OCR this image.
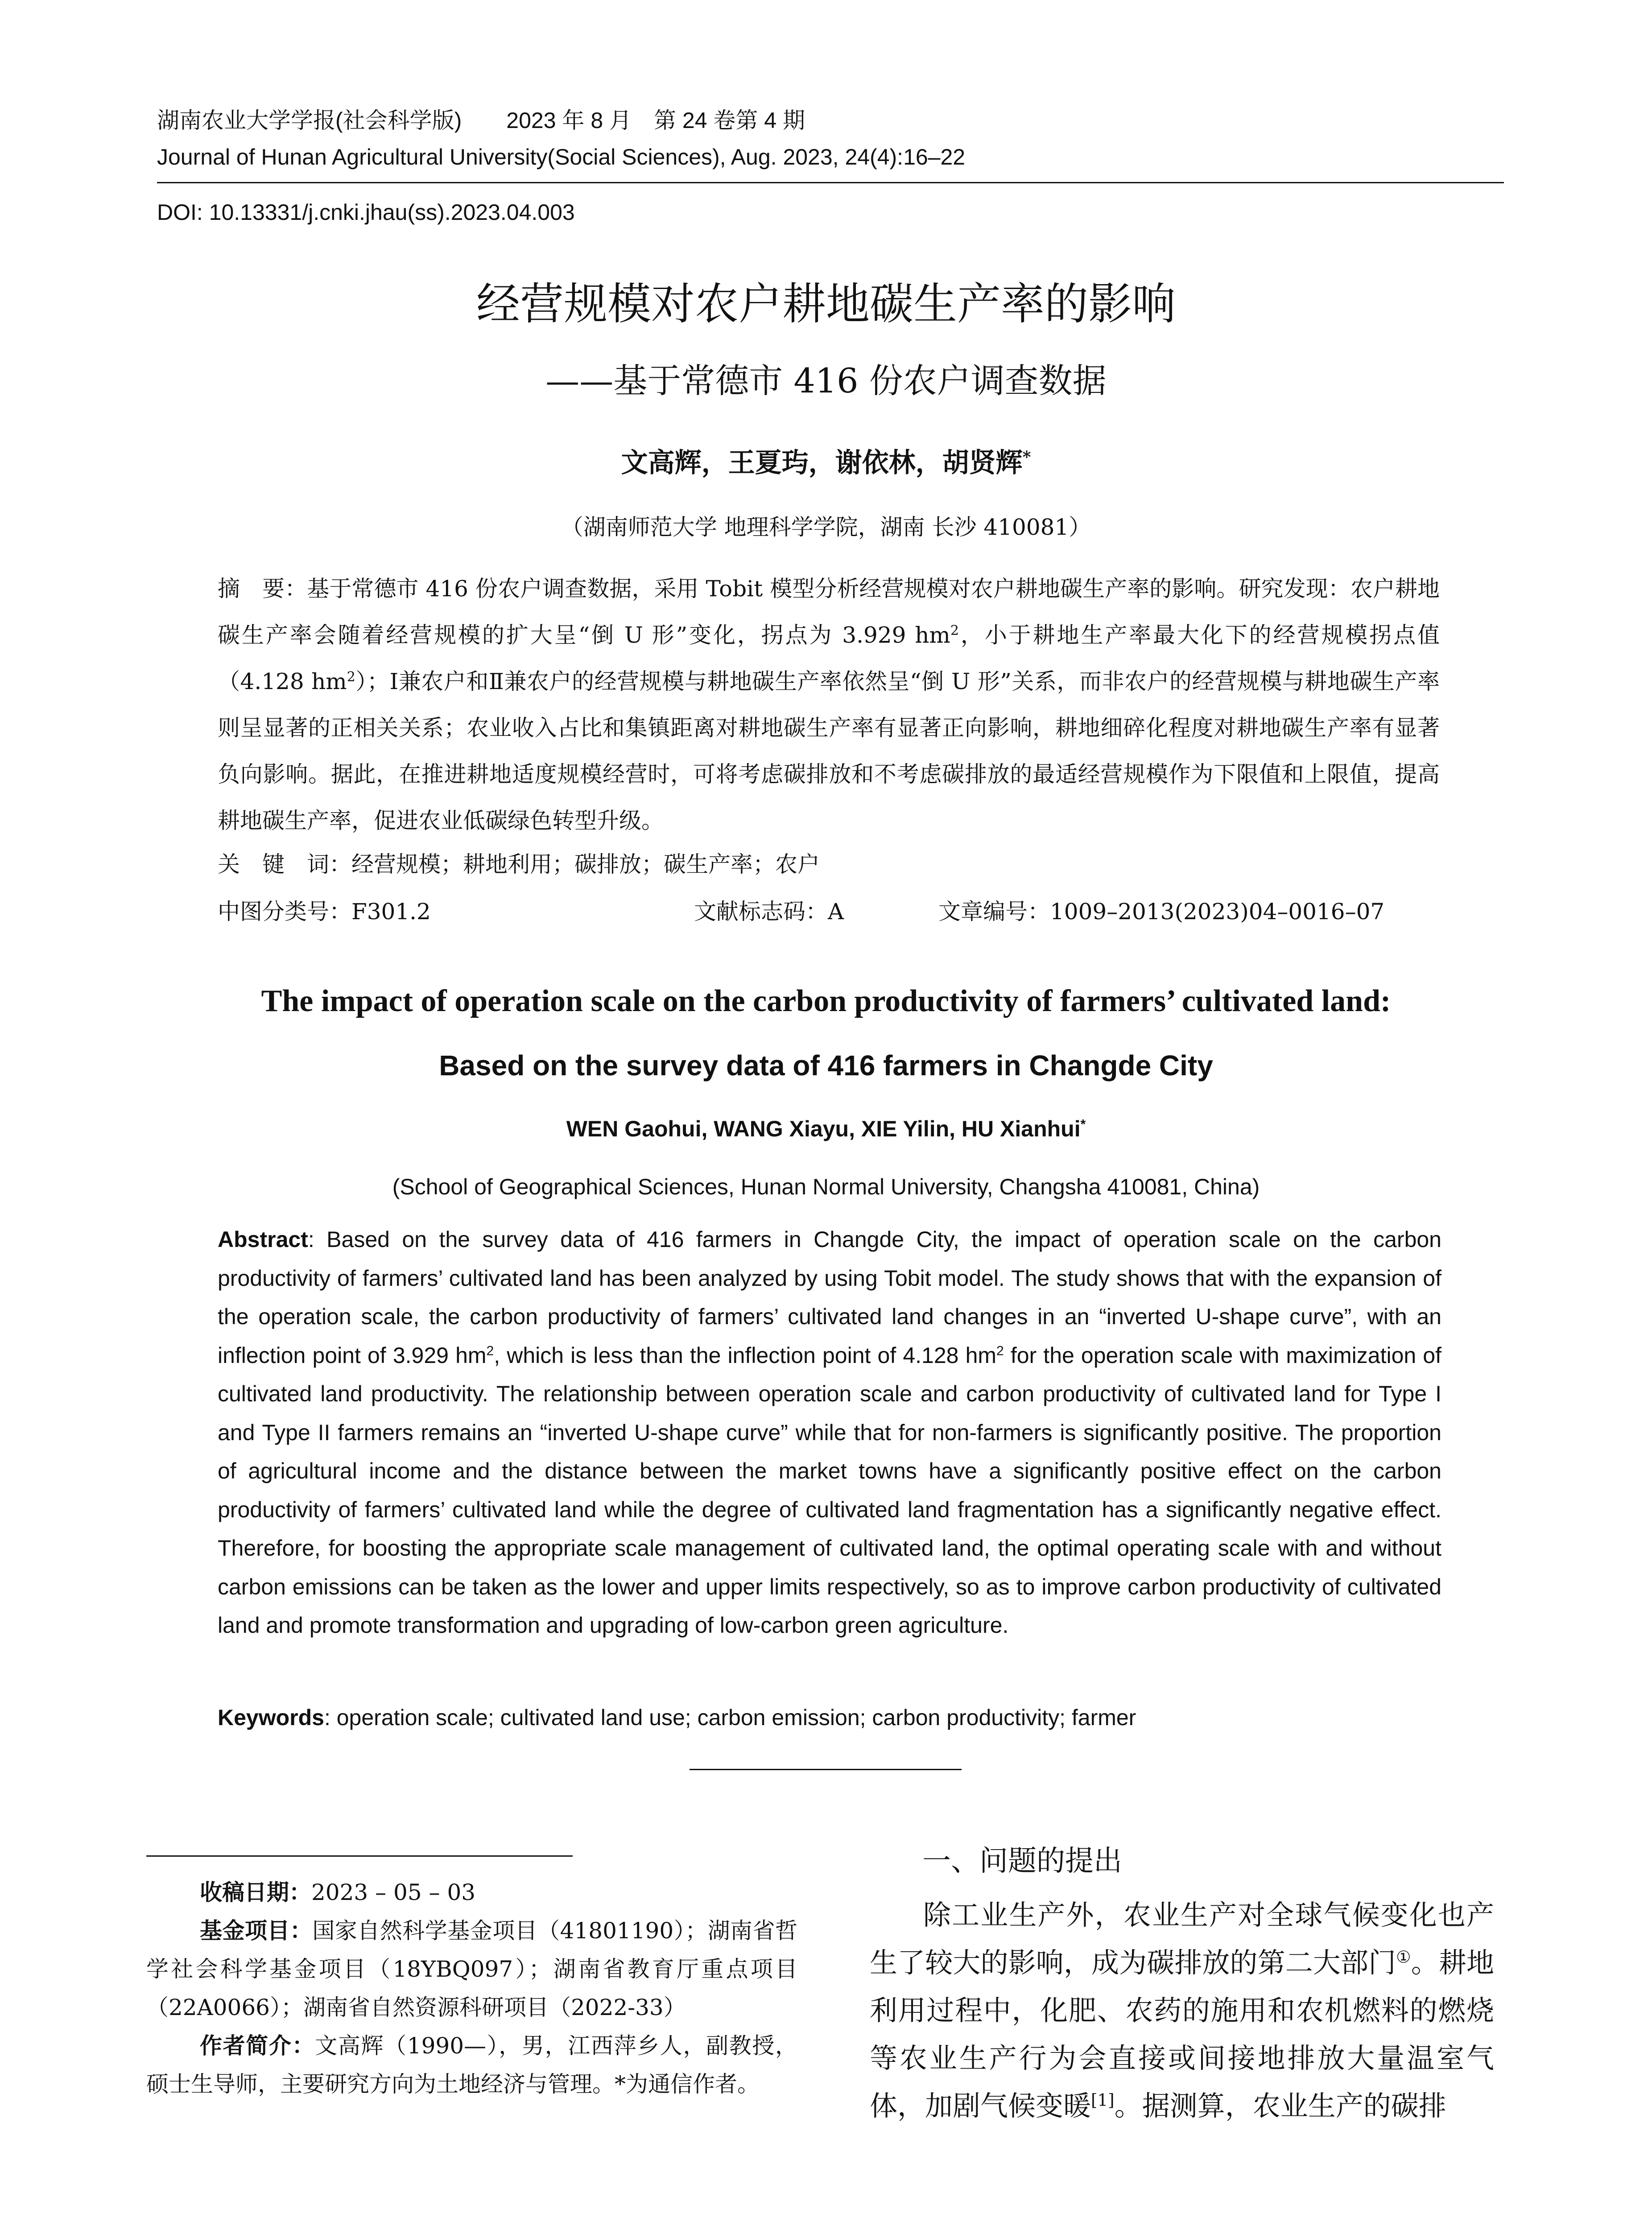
湖南农业大学学报(社会科学版)　　2023 年 8 月　第 24 卷第 4 期
Journal of Hunan Agricultural University(Social Sciences), Aug. 2023, 24(4):16–22
DOI: 10.13331/j.cnki.jhau(ss).2023.04.003
经营规模对农户耕地碳生产率的影响
——基于常德市 416 份农户调查数据
文高辉，王夏玙，谢依林，胡贤辉*
（湖南师范大学 地理科学学院，湖南 长沙 410081）
摘　要：基于常德市 416 份农户调查数据，采用 Tobit 模型分析经营规模对农户耕地碳生产率的影响。研究发现：农户耕地碳生产率会随着经营规模的扩大呈“倒 U 形”变化，拐点为 3.929 $hm^2$，小于耕地生产率最大化下的经营规模拐点值（4.128 $hm^2$）；Ⅰ兼农户和Ⅱ兼农户的经营规模与耕地碳生产率依然呈“倒 U 形”关系，而非农户的经营规模与耕地碳生产率则呈显著的正相关关系；农业收入占比和集镇距离对耕地碳生产率有显著正向影响，耕地细碎化程度对耕地碳生产率有显著负向影响。据此，在推进耕地适度规模经营时，可将考虑碳排放和不考虑碳排放的最适经营规模作为下限值和上限值，提高耕地碳生产率，促进农业低碳绿色转型升级。
关　键　词：经营规模；耕地利用；碳排放；碳生产率；农户
中图分类号：F301.2	文献标志码：A	文章编号：1009–2013(2023)04–0016–07
The impact of operation scale on the carbon productivity of farmers’ cultivated land:
Based on the survey data of 416 farmers in Changde City
WEN Gaohui, WANG Xiayu, XIE Yilin, HU Xianhui*
(School of Geographical Sciences, Hunan Normal University, Changsha 410081, China)
Abstract: Based on the survey data of 416 farmers in Changde City, the impact of operation scale on the carbon productivity of farmers’ cultivated land has been analyzed by using Tobit model. The study shows that with the expansion of the operation scale, the carbon productivity of farmers’ cultivated land changes in an “inverted U-shape curve”, with an inflection point of 3.929 $hm^2$, which is less than the inflection point of 4.128 $hm^2$ for the operation scale with maximization of cultivated land productivity. The relationship between operation scale and carbon productivity of cultivated land for Type I and Type II farmers remains an “inverted U-shape curve” while that for non-farmers is significantly positive. The proportion of agricultural income and the distance between the market towns have a significantly positive effect on the carbon productivity of farmers’ cultivated land while the degree of cultivated land fragmentation has a significantly negative effect. Therefore, for boosting the appropriate scale management of cultivated land, the optimal operating scale with and without carbon emissions can be taken as the lower and upper limits respectively, so as to improve carbon productivity of cultivated land and promote transformation and upgrading of low-carbon green agriculture.
Keywords: operation scale; cultivated land use; carbon emission; carbon productivity; farmer
收稿日期：2023 – 05 – 03
基金项目：国家自然科学基金项目（41801190）；湖南省哲学社会科学基金项目（18YBQ097）；湖南省教育厅重点项目（22A0066）；湖南省自然资源科研项目（2022-33）
作者简介：文高辉（1990—），男，江西萍乡人，副教授，硕士生导师，主要研究方向为土地经济与管理。*为通信作者。
一、问题的提出
除工业生产外，农业生产对全球气候变化也产生了较大的影响，成为碳排放的第二大部门①。耕地利用过程中，化肥、农药的施用和农机燃料的燃烧等农业生产行为会直接或间接地排放大量温室气体，加剧气候变暖[1]。据测算，农业生产的碳排
